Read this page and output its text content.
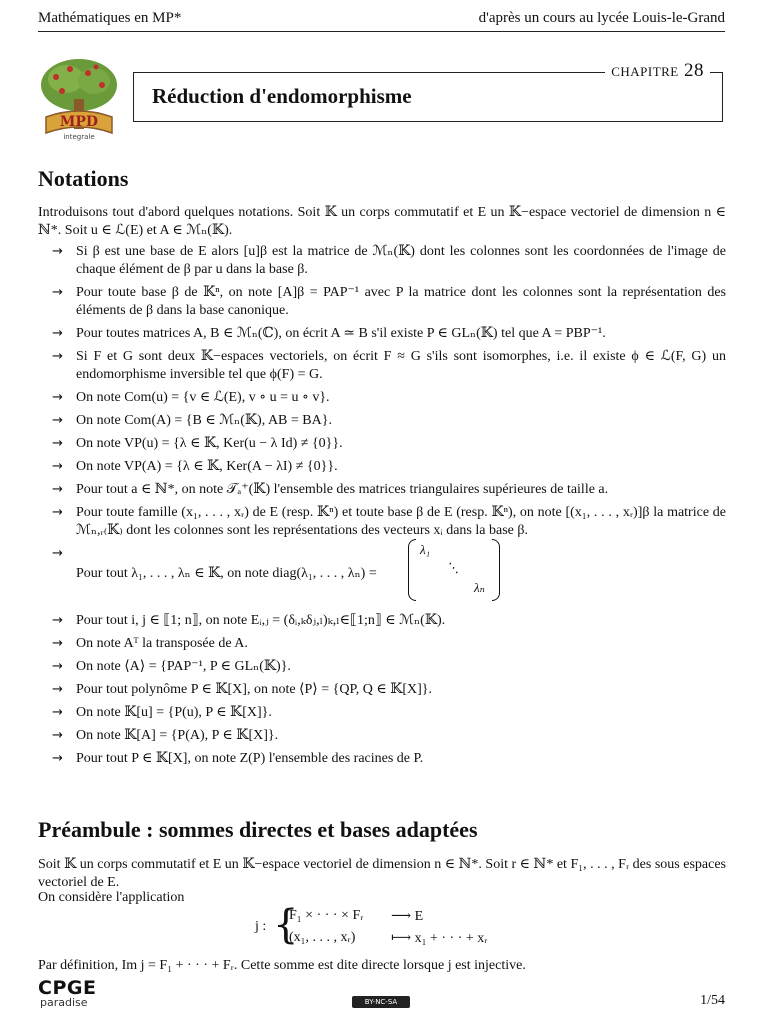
Mathématiques en MP*	d'après un cours au lycée Louis-le-Grand
MPD
integrale
chapitre 28
Réduction d'endomorphisme
Notations
Introduisons tout d'abord quelques notations. Soit 𝕂 un corps commutatif et E un 𝕂−espace vectoriel de dimension n ∈ ℕ*. Soit u ∈ ℒ(E) et A ∈ ℳₙ(𝕂).
→ Si β est une base de E alors [u]β est la matrice de ℳₙ(𝕂) dont les colonnes sont les coordonnées de l'image de chaque élément de β par u dans la base β.
→ Pour toute base β de 𝕂ⁿ, on note [A]β = PAP⁻¹ avec P la matrice dont les colonnes sont la représentation des éléments de β dans la base canonique.
→ Pour toutes matrices A, B ∈ ℳₙ(ℂ), on écrit A ≃ B s'il existe P ∈ GLₙ(𝕂) tel que A = PBP⁻¹.
→ Si F et G sont deux 𝕂−espaces vectoriels, on écrit F ≈ G s'ils sont isomorphes, i.e. il existe ϕ ∈ ℒ(F, G) un endomorphisme inversible tel que ϕ(F) = G.
→ On note Com(u) = {v ∈ ℒ(E), v ∘ u = u ∘ v}.
→ On note Com(A) = {B ∈ ℳₙ(𝕂), AB = BA}.
→ On note VP(u) = {λ ∈ 𝕂, Ker(u − λ Id) ≠ {0}}.
→ On note VP(A) = {λ ∈ 𝕂, Ker(A − λI) ≠ {0}}.
→ Pour tout a ∈ ℕ*, on note 𝒯ₐ⁺(𝕂) l'ensemble des matrices triangulaires supérieures de taille a.
→ Pour toute famille (x₁, . . . , xᵣ) de E (resp. 𝕂ⁿ) et toute base β de E (resp. 𝕂ⁿ), on note [(x₁, . . . , xᵣ)]β la matrice de ℳₙ,ᵣ₍𝕂₎ dont les colonnes sont les représentations des vecteurs xᵢ dans la base β.
→ Pour tout λ₁, . . . , λₙ ∈ 𝕂, on note diag(λ₁, . . . , λₙ) =
λ₁
⋱
λₙ
→ Pour tout i, j ∈ ⟦1; n⟧, on note Eᵢ,ⱼ = (δᵢ,ₖδⱼ,ₗ)ₖ,ₗ∈⟦1;n⟧ ∈ ℳₙ(𝕂).
→ On note Aᵀ la transposée de A.
→ On note ⟨A⟩ = {PAP⁻¹, P ∈ GLₙ(𝕂)}.
→ Pour tout polynôme P ∈ 𝕂[X], on note ⟨P⟩ = {QP, Q ∈ 𝕂[X]}.
→ On note 𝕂[u] = {P(u), P ∈ 𝕂[X]}.
→ On note 𝕂[A] = {P(A), P ∈ 𝕂[X]}.
→ Pour tout P ∈ 𝕂[X], on note Z(P) l'ensemble des racines de P.
Préambule : sommes directes et bases adaptées
Soit 𝕂 un corps commutatif et E un 𝕂−espace vectoriel de dimension n ∈ ℕ*. Soit r ∈ ℕ* et F₁, . . . , Fᵣ des sous espaces vectoriel de E.
On considère l'application
j : {
F₁ × · · · × Fᵣ ⟶ E
(x₁, . . . , xᵣ)	⟼ x₁ + · · · + xᵣ
Par définition, Im j = F₁ + · · · + Fᵣ. Cette somme est dite directe lorsque j est injective.
CPGE
paradise	BY-NC-SA	1/54
